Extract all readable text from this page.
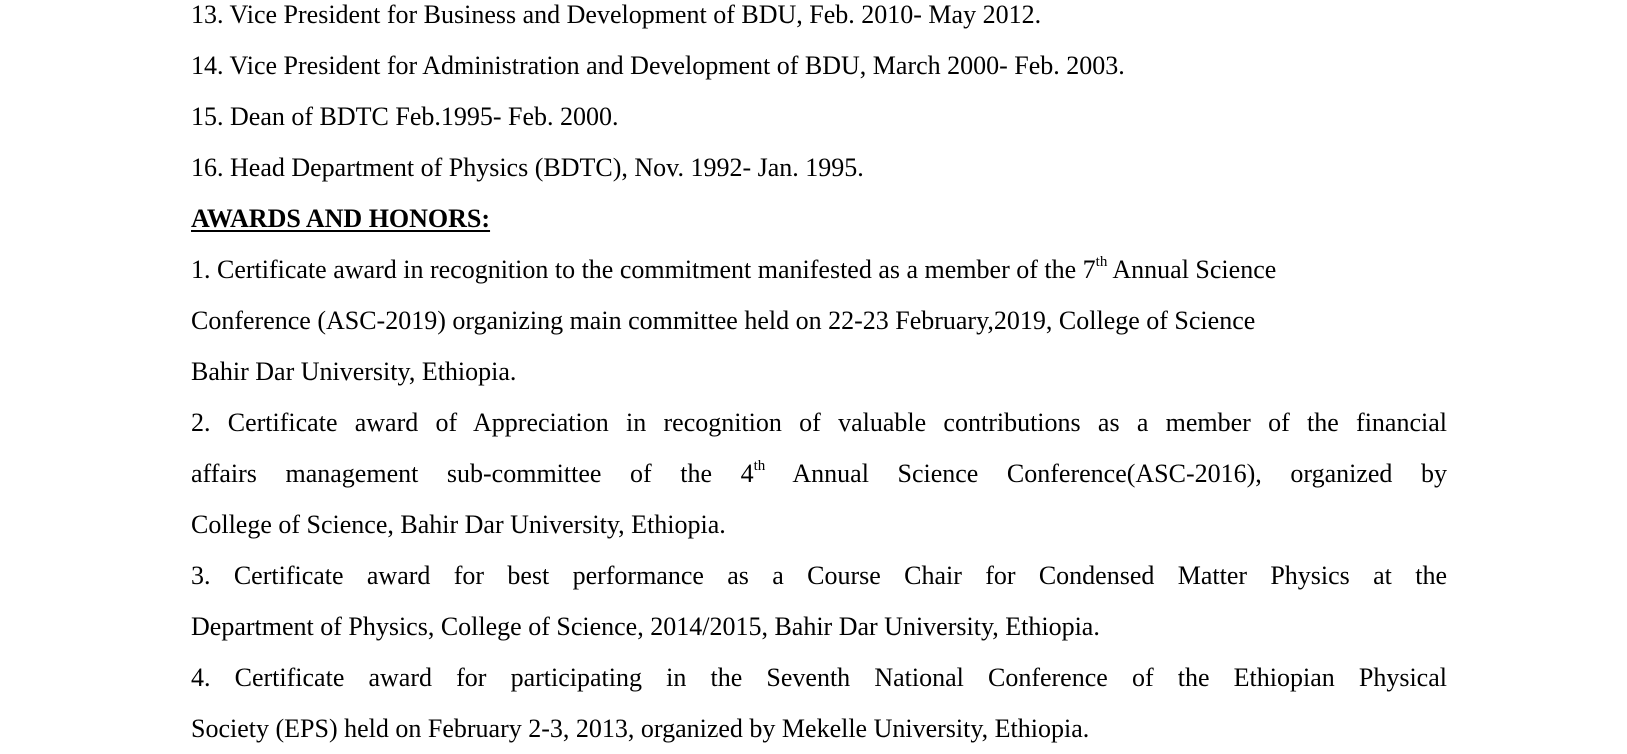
13. Vice President for Business and Development of BDU, Feb. 2010- May 2012.
14. Vice President for Administration and Development of BDU, March 2000- Feb. 2003.
15. Dean of BDTC Feb.1995- Feb. 2000.
16. Head Department of Physics (BDTC), Nov. 1992- Jan. 1995.
AWARDS AND HONORS:
1. Certificate award in recognition to the commitment manifested as a member of the 7th Annual Science
Conference (ASC-2019) organizing main committee held on 22-23 February,2019, College of Science
Bahir Dar University, Ethiopia.
2. Certificate award of Appreciation in recognition of valuable contributions as a member of the financial
affairs management sub-committee of the 4th Annual Science Conference(ASC-2016), organized by
College of Science, Bahir Dar University, Ethiopia.
3. Certificate award for best performance as a Course Chair for Condensed Matter Physics at the
Department of Physics, College of Science, 2014/2015, Bahir Dar University, Ethiopia.
4. Certificate award for participating in the Seventh National Conference of the Ethiopian Physical
Society (EPS) held on February 2-3, 2013, organized by Mekelle University, Ethiopia.
